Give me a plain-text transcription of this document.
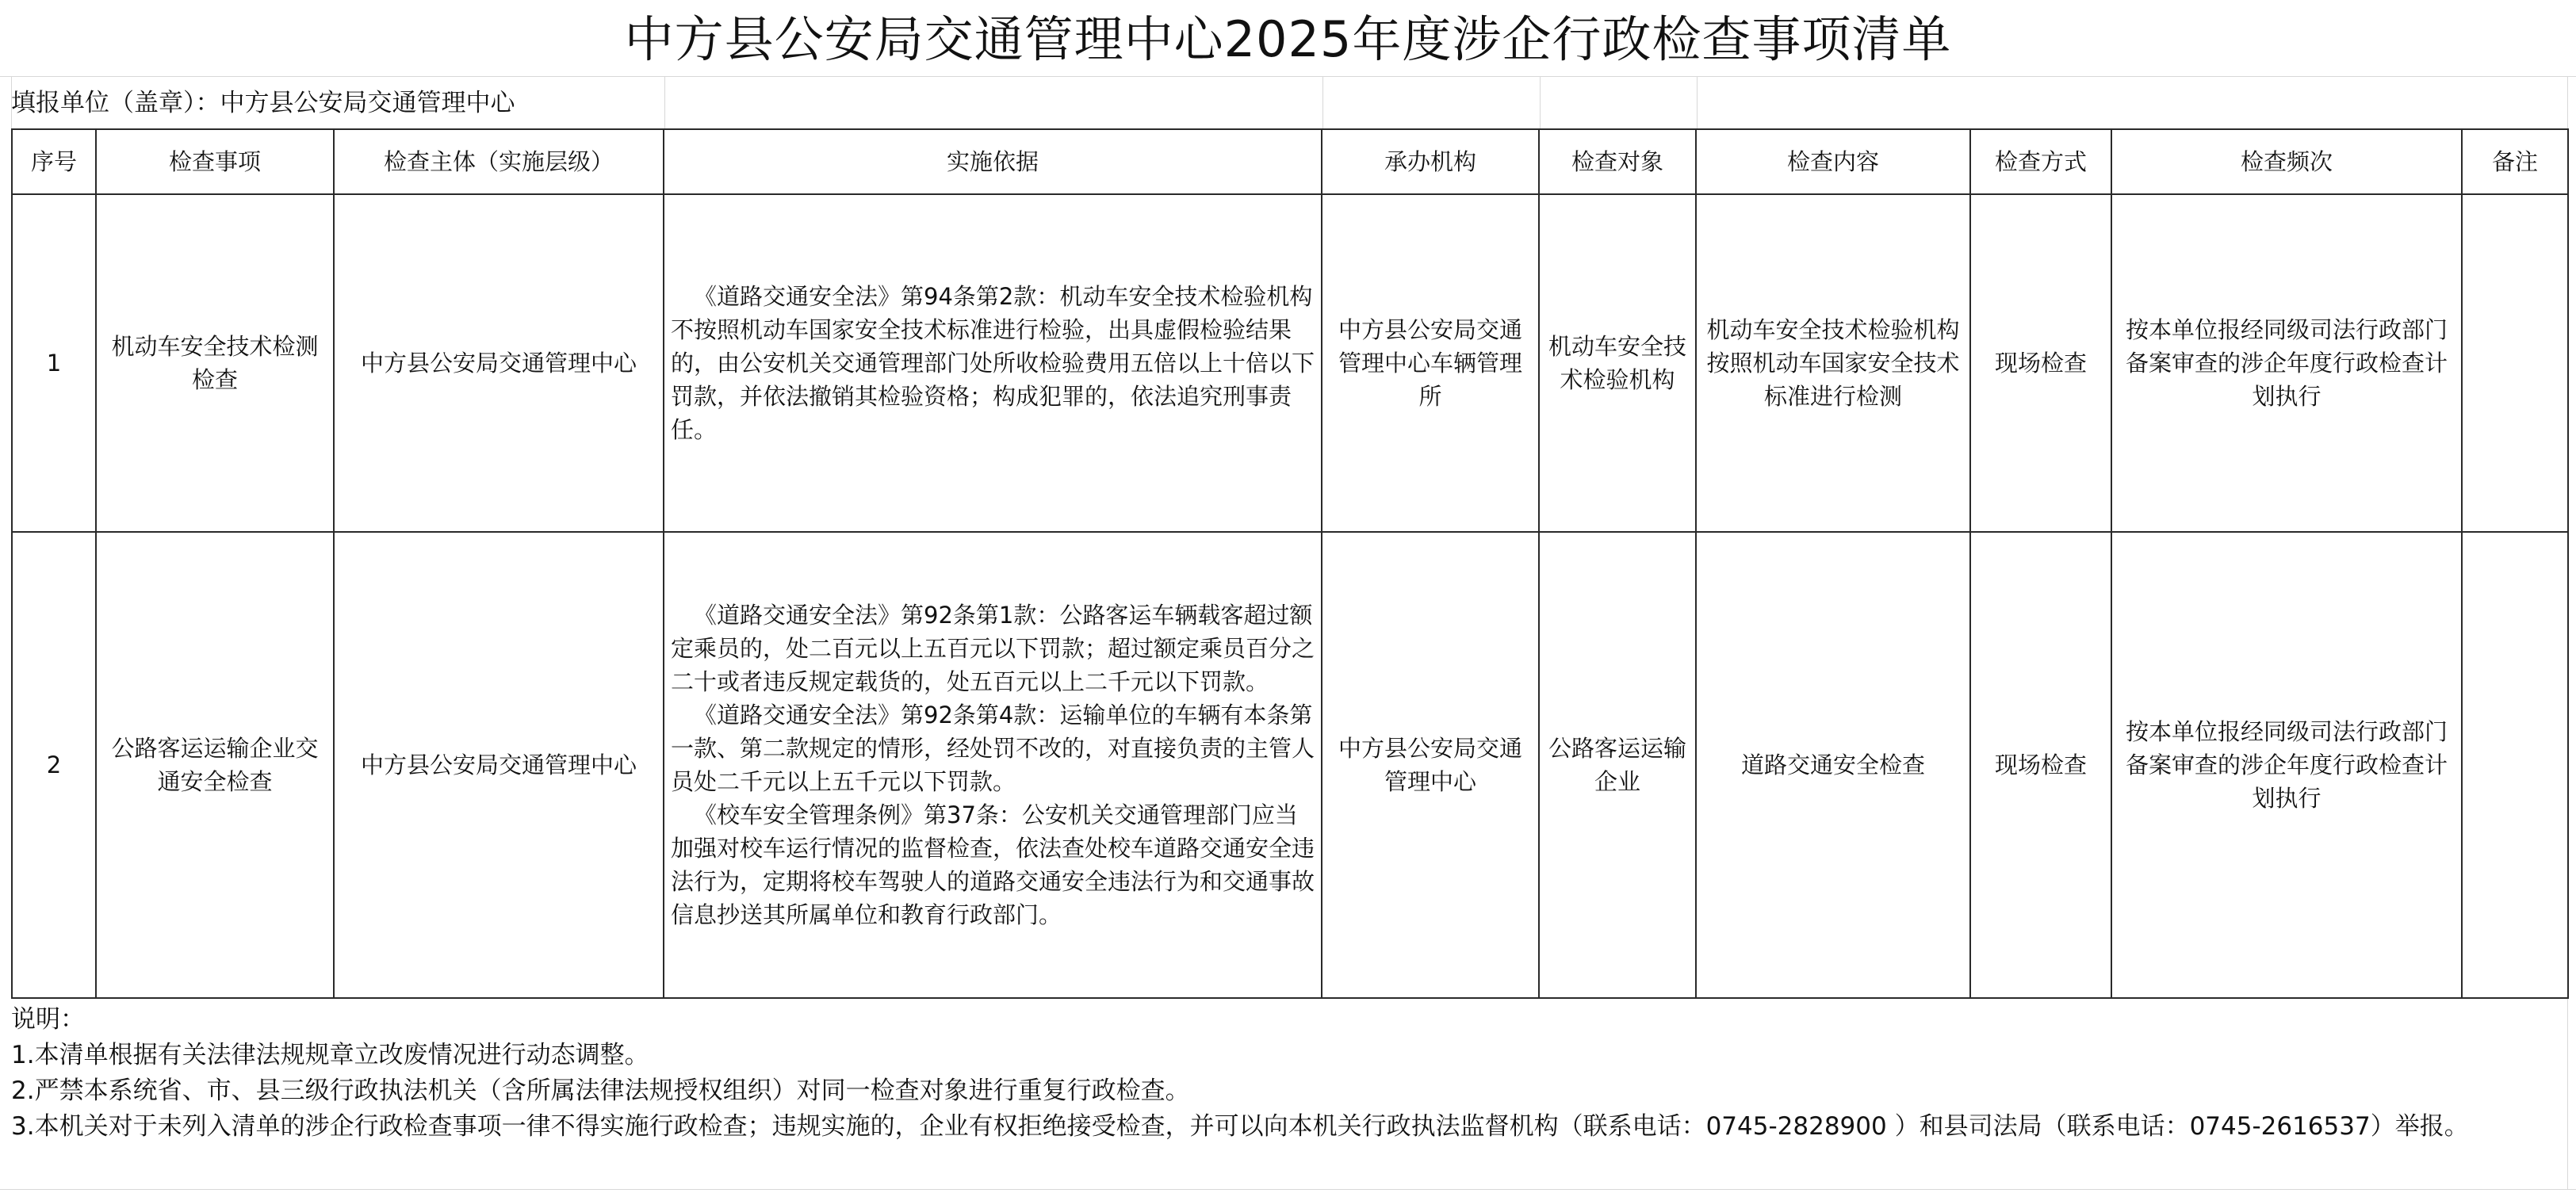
中方县公安局交通管理中心2025年度涉企行政检查事项清单
填报单位（盖章）：中方县公安局交通管理中心
序号	检查事项	检查主体（实施层级）	实施依据	承办机构	检查对象	检查内容	检查方式	检查频次	备注
1	机动车安全技术检测检查	中方县公安局交通管理中心	《道路交通安全法》第94条第2款：机动车安全技术检验机构不按照机动车国家安全技术标准进行检验，出具虚假检验结果的，由公安机关交通管理部门处所收检验费用五倍以上十倍以下罚款，并依法撤销其检验资格；构成犯罪的，依法追究刑事责任。	中方县公安局交通管理中心车辆管理所	机动车安全技术检验机构	机动车安全技术检验机构按照机动车国家安全技术标准进行检测	现场检查	按本单位报经同级司法行政部门备案审查的涉企年度行政检查计划执行	
2	公路客运运输企业交通安全检查	中方县公安局交通管理中心	《道路交通安全法》第92条第1款：公路客运车辆载客超过额定乘员的，处二百元以上五百元以下罚款；超过额定乘员百分之二十或者违反规定载货的，处五百元以上二千元以下罚款。

《道路交通安全法》第92条第4款：运输单位的车辆有本条第一款、第二款规定的情形，经处罚不改的，对直接负责的主管人员处二千元以上五千元以下罚款。

《校车安全管理条例》第37条：公安机关交通管理部门应当加强对校车运行情况的监督检查，依法查处校车道路交通安全违法行为，定期将校车驾驶人的道路交通安全违法行为和交通事故信息抄送其所属单位和教育行政部门。	中方县公安局交通管理中心	公路客运运输企业	道路交通安全检查	现场检查	按本单位报经同级司法行政部门备案审查的涉企年度行政检查计划执行	
说明：
1.本清单根据有关法律法规规章立改废情况进行动态调整。
2.严禁本系统省、市、县三级行政执法机关（含所属法律法规授权组织）对同一检查对象进行重复行政检查。
3.本机关对于未列入清单的涉企行政检查事项一律不得实施行政检查；违规实施的，企业有权拒绝接受检查，并可以向本机关行政执法监督机构（联系电话：0745-2828900 ）和县司法局（联系电话：0745-2616537）举报。
